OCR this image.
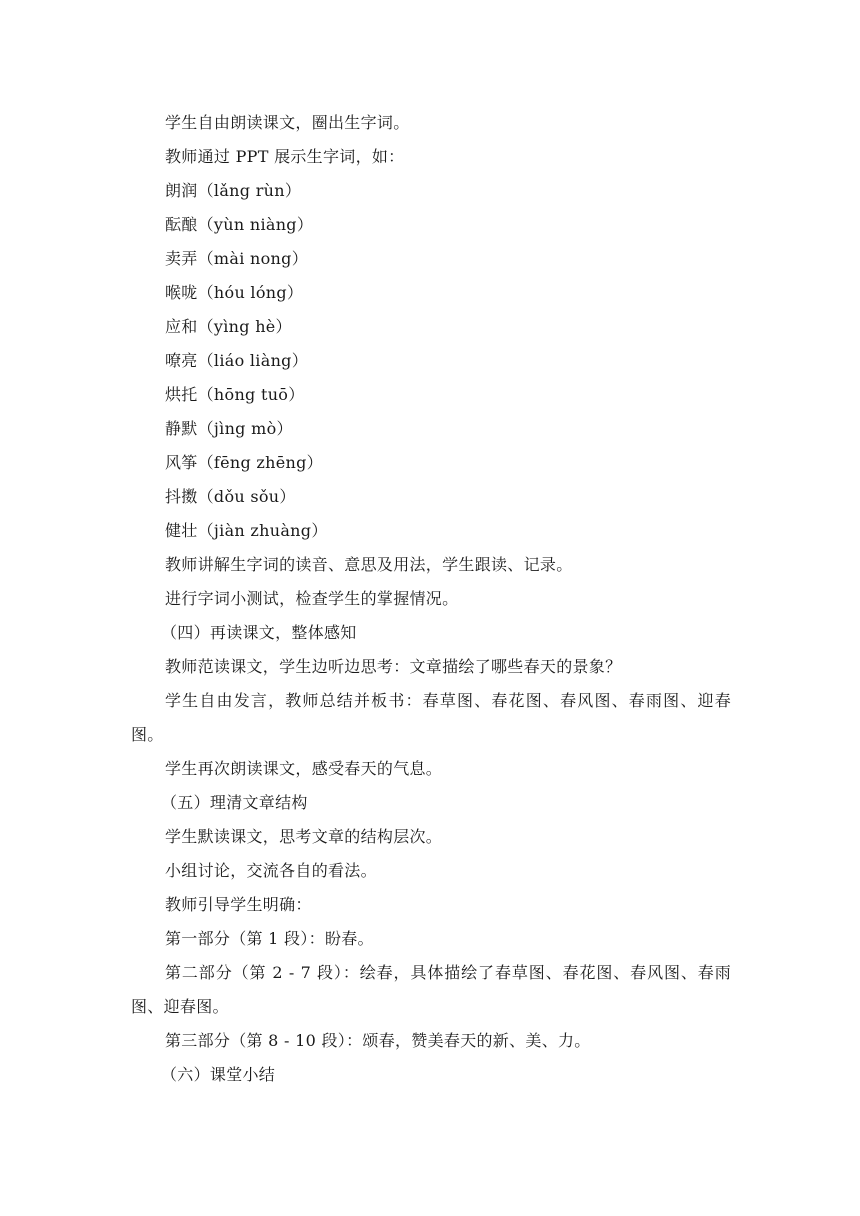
学生自由朗读课文，圈出生字词。
教师通过 PPT 展示生字词，如：
朗润（lǎng rùn）
酝酿（yùn niàng）
卖弄（mài nong）
喉咙（hóu lóng）
应和（yìng hè）
嘹亮（liáo liàng）
烘托（hōng tuō）
静默（jìng mò）
风筝（fēng zhēng）
抖擞（dǒu sǒu）
健壮（jiàn zhuàng）
教师讲解生字词的读音、意思及用法，学生跟读、记录。
进行字词小测试，检查学生的掌握情况。
（四）再读课文，整体感知
教师范读课文，学生边听边思考：文章描绘了哪些春天的景象？
学生自由发言，教师总结并板书：春草图、春花图、春风图、春雨图、迎春图。
学生再次朗读课文，感受春天的气息。
（五）理清文章结构
学生默读课文，思考文章的结构层次。
小组讨论，交流各自的看法。
教师引导学生明确：
第一部分（第 1 段）：盼春。
第二部分（第 2 - 7 段）：绘春，具体描绘了春草图、春花图、春风图、春雨图、迎春图。
第三部分（第 8 - 10 段）：颂春，赞美春天的新、美、力。
（六）课堂小结
